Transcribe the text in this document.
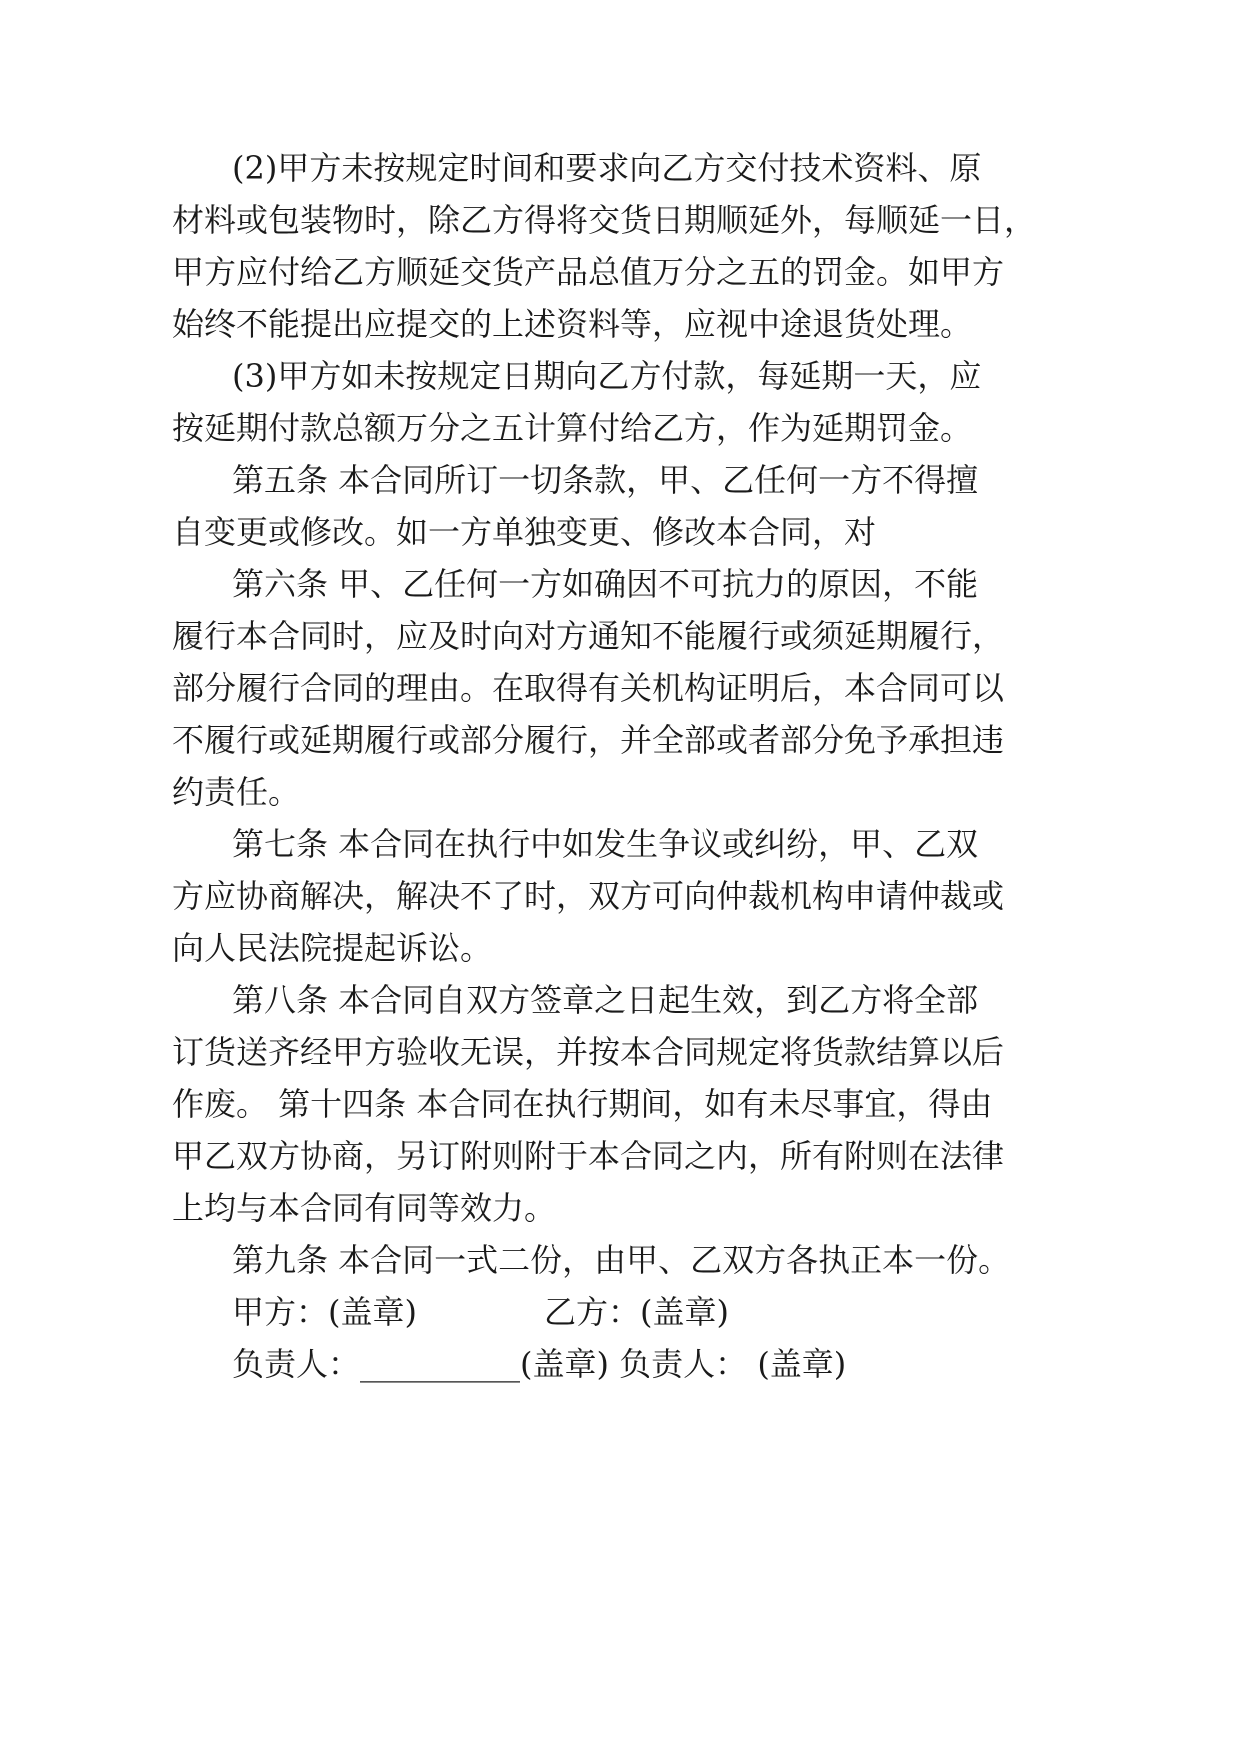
(2)甲方未按规定时间和要求向乙方交付技术资料、原
材料或包装物时，除乙方得将交货日期顺延外，每顺延一日，
甲方应付给乙方顺延交货产品总值万分之五的罚金。如甲方
始终不能提出应提交的上述资料等，应视中途退货处理。
(3)甲方如未按规定日期向乙方付款，每延期一天，应
按延期付款总额万分之五计算付给乙方，作为延期罚金。
第五条 本合同所订一切条款，甲、乙任何一方不得擅
自变更或修改。如一方单独变更、修改本合同，对
第六条 甲、乙任何一方如确因不可抗力的原因，不能
履行本合同时，应及时向对方通知不能履行或须延期履行，
部分履行合同的理由。在取得有关机构证明后，本合同可以
不履行或延期履行或部分履行，并全部或者部分免予承担违
约责任。
第七条 本合同在执行中如发生争议或纠纷，甲、乙双
方应协商解决，解决不了时，双方可向仲裁机构申请仲裁或
向人民法院提起诉讼。
第八条 本合同自双方签章之日起生效，到乙方将全部
订货送齐经甲方验收无误，并按本合同规定将货款结算以后
作废。 第十四条 本合同在执行期间，如有未尽事宜，得由
甲乙双方协商，另订附则附于本合同之内，所有附则在法律
上均与本合同有同等效力。
第九条 本合同一式二份，由甲、乙双方各执正本一份。
甲方：(盖章)	乙方：(盖章)
负责人：__________(盖章) 负责人： (盖章)
